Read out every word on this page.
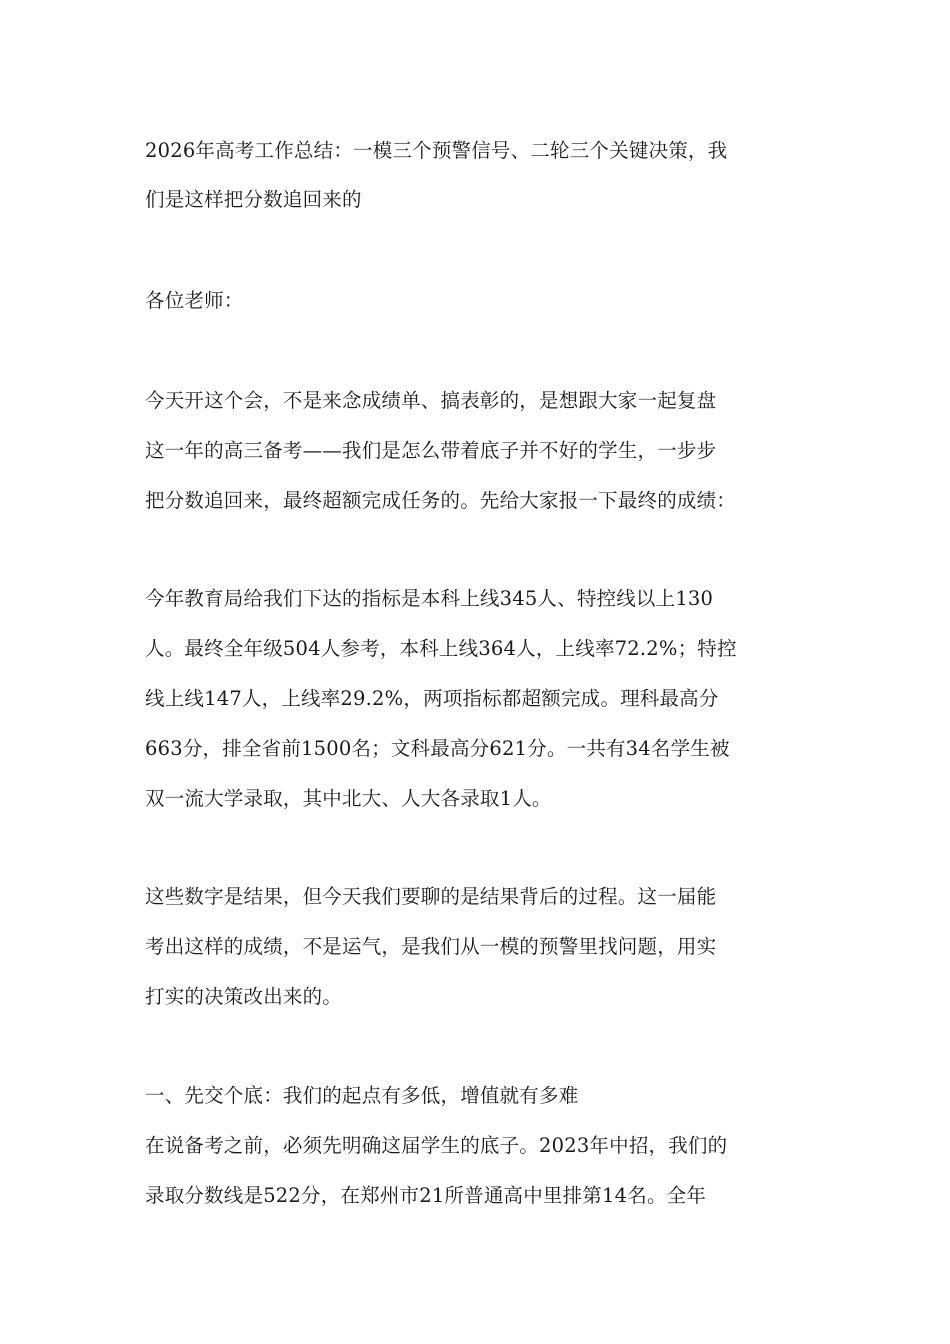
2026年高考工作总结：一模三个预警信号、二轮三个关键决策，我
们是这样把分数追回来的
各位老师：
今天开这个会，不是来念成绩单、搞表彰的，是想跟大家一起复盘
这一年的高三备考——我们是怎么带着底子并不好的学生，一步步
把分数追回来，最终超额完成任务的。先给大家报一下最终的成绩：
今年教育局给我们下达的指标是本科上线345人、特控线以上130
人。最终全年级504人参考，本科上线364人，上线率72.2%；特控
线上线147人，上线率29.2%，两项指标都超额完成。理科最高分
663分，排全省前1500名；文科最高分621分。一共有34名学生被
双一流大学录取，其中北大、人大各录取1人。
这些数字是结果，但今天我们要聊的是结果背后的过程。这一届能
考出这样的成绩，不是运气，是我们从一模的预警里找问题，用实
打实的决策改出来的。
一、先交个底：我们的起点有多低，增值就有多难
在说备考之前，必须先明确这届学生的底子。2023年中招，我们的
录取分数线是522分，在郑州市21所普通高中里排第14名。全年
